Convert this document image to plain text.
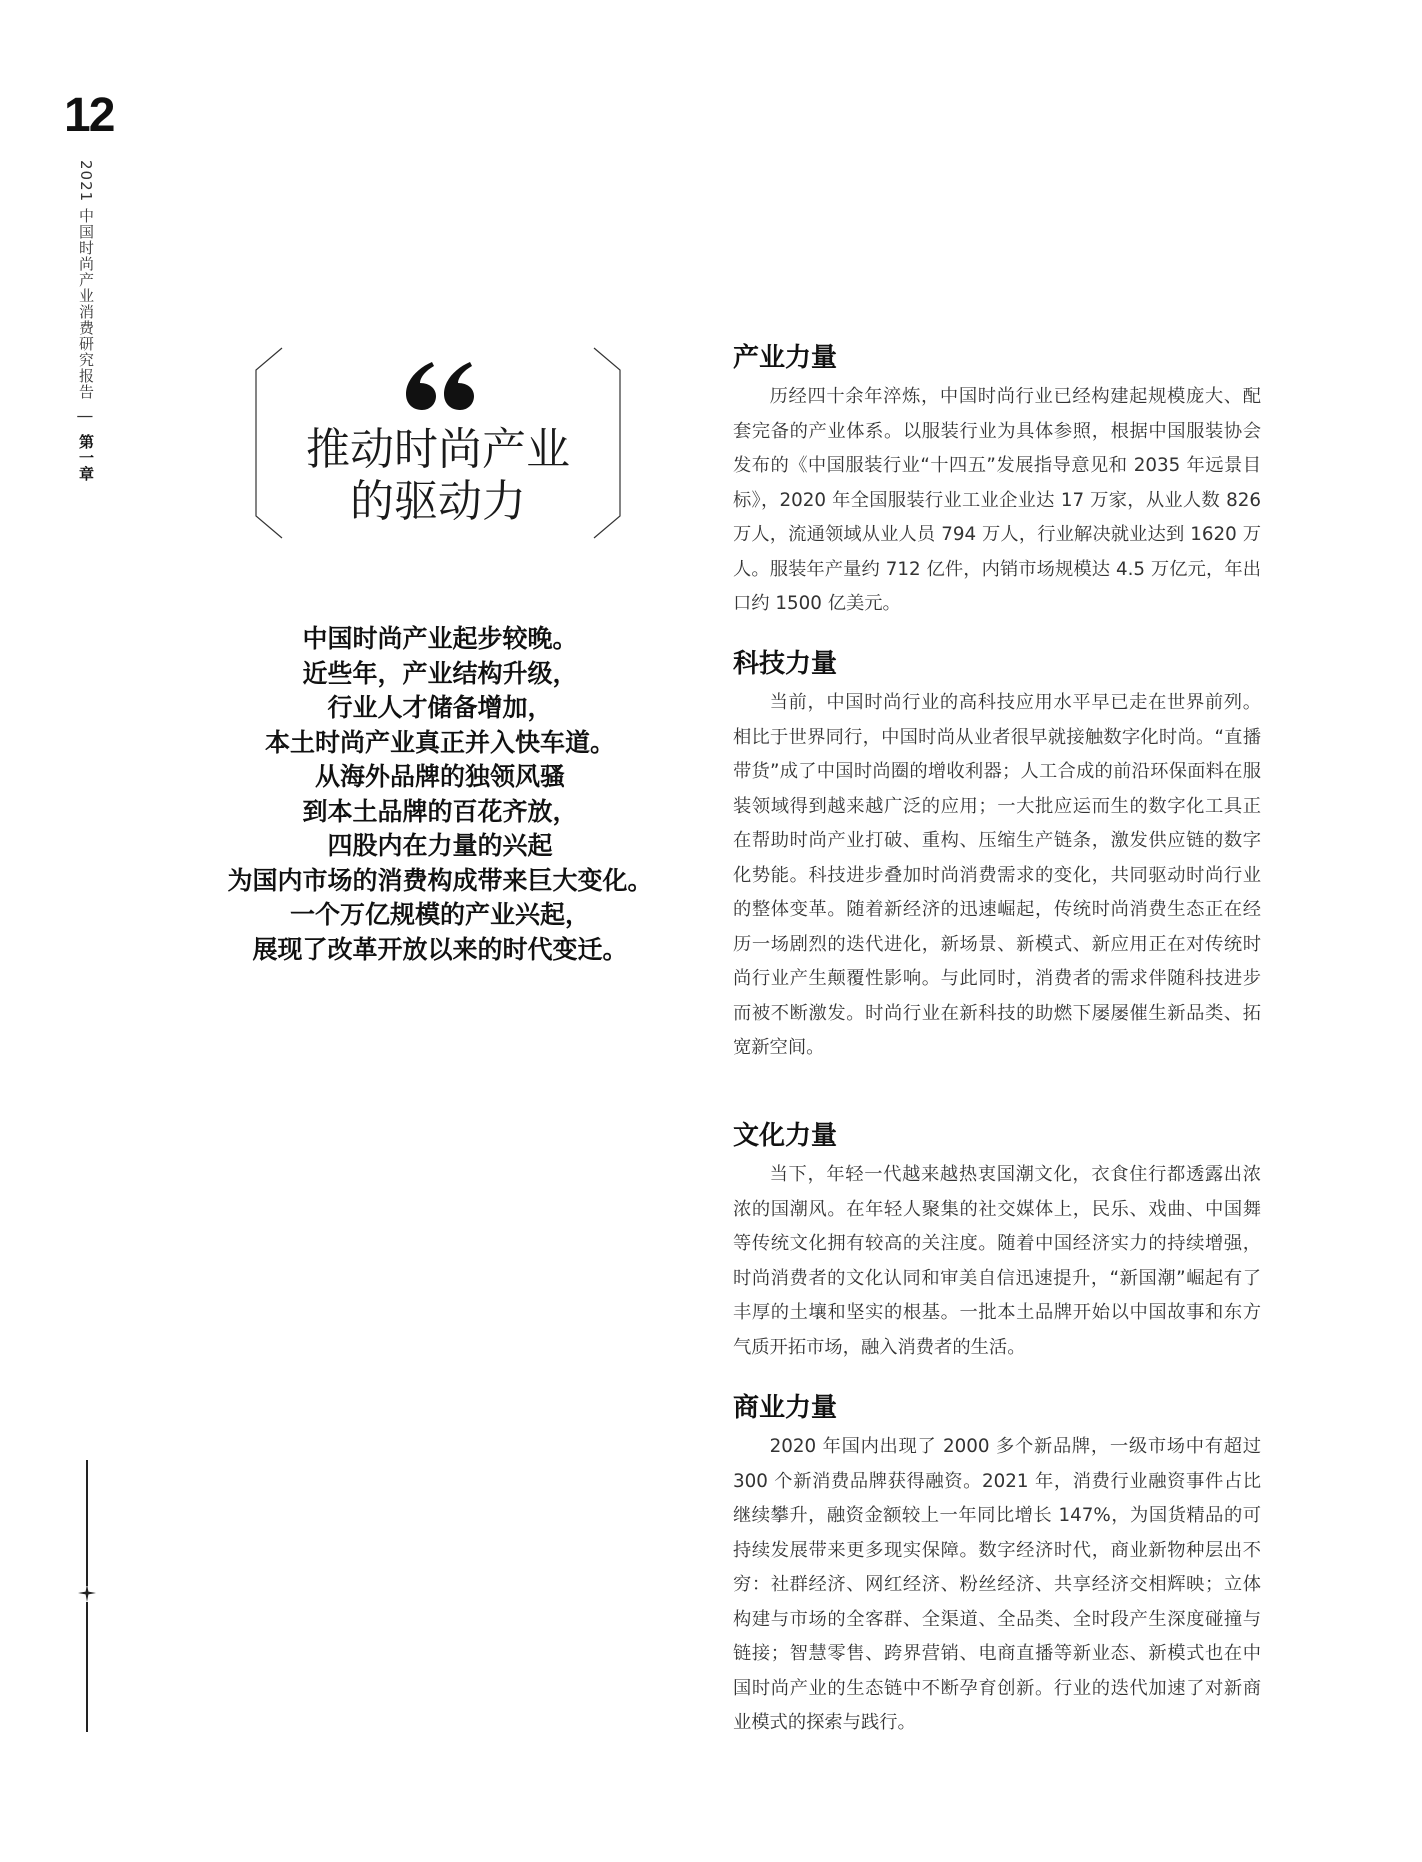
12
2021 中国时尚产业消费研究报告 | 第一章	推动时尚产业
的驱动力

中国时尚产业起步较晚。

近些年，产业结构升级，

行业人才储备增加，

本土时尚产业真正并入快车道。

从海外品牌的独领风骚

到本土品牌的百花齐放，

四股内在力量的兴起

为国内市场的消费构成带来巨大变化。

一个万亿规模的产业兴起，

展现了改革开放以来的时代变迁。

产业力量

历经四十余年淬炼，中国时尚行业已经构建起规模庞大、配套完备的产业体系。以服装行业为具体参照，根据中国服装协会发布的《中国服装行业“十四五”发展指导意见和 2035 年远景目标》，2020 年全国服装行业工业企业达 17 万家，从业人数 826 万人，流通领域从业人员 794 万人，行业解决就业达到 1620 万人。服装年产量约 712 亿件，内销市场规模达 4.5 万亿元，年出口约 1500 亿美元。

科技力量

当前，中国时尚行业的高科技应用水平早已走在世界前列。相比于世界同行，中国时尚从业者很早就接触数字化时尚。“直播带货”成了中国时尚圈的增收利器；人工合成的前沿环保面料在服装领域得到越来越广泛的应用；一大批应运而生的数字化工具正在帮助时尚产业打破、重构、压缩生产链条，激发供应链的数字化势能。科技进步叠加时尚消费需求的变化，共同驱动时尚行业的整体变革。随着新经济的迅速崛起，传统时尚消费生态正在经历一场剧烈的迭代进化，新场景、新模式、新应用正在对传统时尚行业产生颠覆性影响。与此同时，消费者的需求伴随科技进步而被不断激发。时尚行业在新科技的助燃下屡屡催生新品类、拓宽新空间。

文化力量

当下，年轻一代越来越热衷国潮文化，衣食住行都透露出浓浓的国潮风。在年轻人聚集的社交媒体上，民乐、戏曲、中国舞等传统文化拥有较高的关注度。随着中国经济实力的持续增强，时尚消费者的文化认同和审美自信迅速提升，“新国潮”崛起有了丰厚的土壤和坚实的根基。一批本土品牌开始以中国故事和东方气质开拓市场，融入消费者的生活。

商业力量

2020 年国内出现了 2000 多个新品牌，一级市场中有超过 300 个新消费品牌获得融资。2021 年，消费行业融资事件占比继续攀升，融资金额较上一年同比增长 147%，为国货精品的可持续发展带来更多现实保障。数字经济时代，商业新物种层出不穷：社群经济、网红经济、粉丝经济、共享经济交相辉映；立体构建与市场的全客群、全渠道、全品类、全时段产生深度碰撞与链接；智慧零售、跨界营销、电商直播等新业态、新模式也在中国时尚产业的生态链中不断孕育创新。行业的迭代加速了对新商业模式的探索与践行。
